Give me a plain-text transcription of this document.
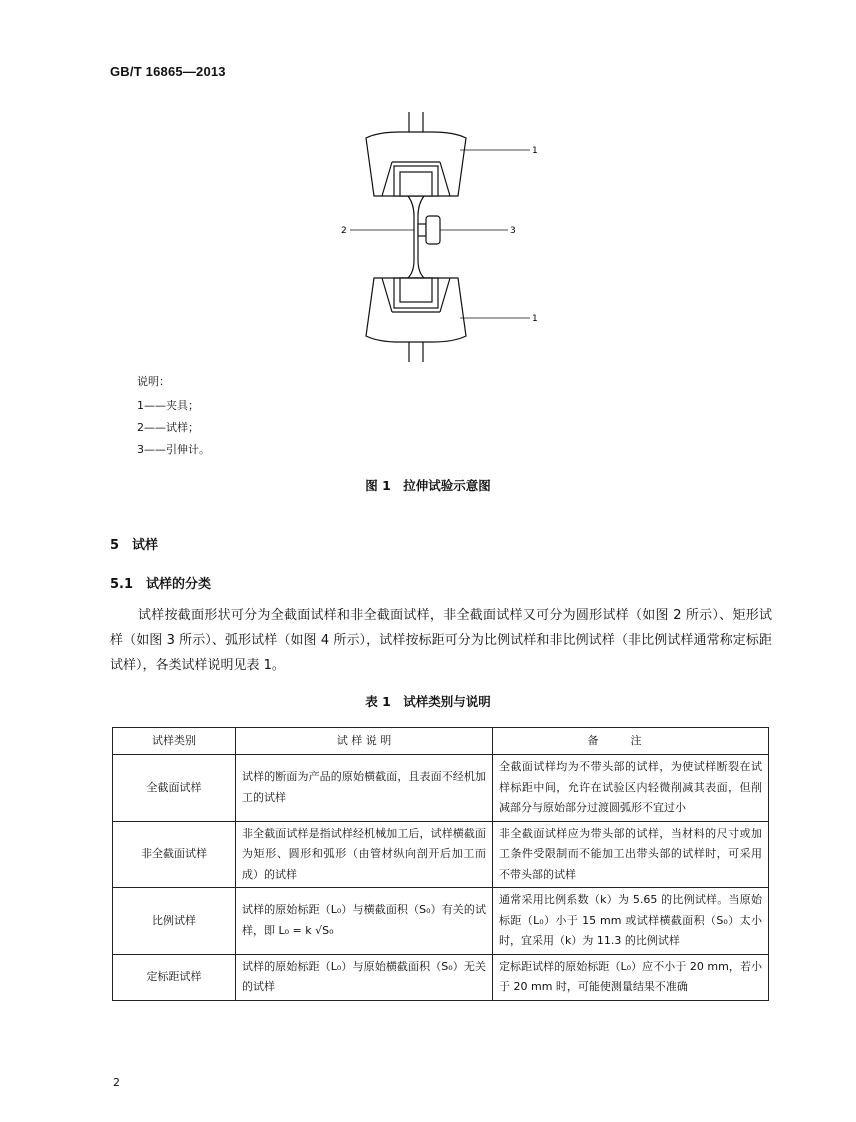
GB/T 16865—2013
1
2	3
1
说明：
1——夹具；
2——试样；
3——引伸计。
图 1　拉伸试验示意图
5　试样
5.1　试样的分类
试样按截面形状可分为全截面试样和非全截面试样，非全截面试样又可分为圆形试样（如图 2 所示）、矩形试样（如图 3 所示）、弧形试样（如图 4 所示），试样按标距可分为比例试样和非比例试样（非比例试样通常称定标距试样），各类试样说明见表 1。
表 1　试样类别与说明
试样类别	试 样 说 明	备注
全截面试样	试样的断面为产品的原始横截面，且表面不经机加工的试样	全截面试样均为不带头部的试样，为使试样断裂在试样标距中间，允许在试验区内轻微削减其表面，但削减部分与原始部分过渡圆弧形不宜过小
非全截面试样	非全截面试样是指试样经机械加工后，试样横截面为矩形、圆形和弧形（由管材纵向剖开后加工而成）的试样	非全截面试样应为带头部的试样，当材料的尺寸或加工条件受限制而不能加工出带头部的试样时，可采用不带头部的试样
比例试样	试样的原始标距（L₀）与横截面积（S₀）有关的试样，即 L₀ = k √S₀	通常采用比例系数（k）为 5.65 的比例试样。当原始标距（L₀）小于 15 mm 或试样横截面积（S₀）太小时，宜采用（k）为 11.3 的比例试样
定标距试样	试样的原始标距（L₀）与原始横截面积（S₀）无关的试样	定标距试样的原始标距（L₀）应不小于 20 mm，若小于 20 mm 时，可能使测量结果不准确
2
